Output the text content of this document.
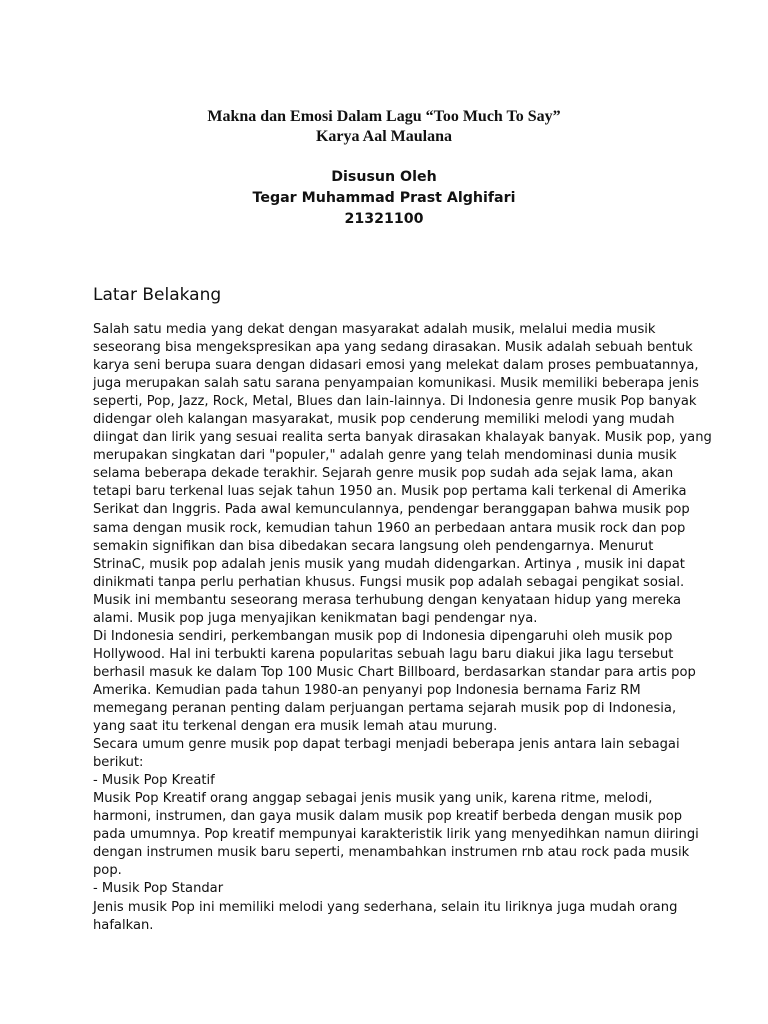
Makna dan Emosi Dalam Lagu “Too Much To Say”
Karya Aal Maulana
Disusun Oleh
Tegar Muhammad Prast Alghifari
21321100
Latar Belakang
Salah satu media yang dekat dengan masyarakat adalah musik, melalui media musik
seseorang bisa mengekspresikan apa yang sedang dirasakan. Musik adalah sebuah bentuk
karya seni berupa suara dengan didasari emosi yang melekat dalam proses pembuatannya,
juga merupakan salah satu sarana penyampaian komunikasi. Musik memiliki beberapa jenis
seperti, Pop, Jazz, Rock, Metal, Blues dan lain-lainnya. Di Indonesia genre musik Pop banyak
didengar oleh kalangan masyarakat, musik pop cenderung memiliki melodi yang mudah
diingat dan lirik yang sesuai realita serta banyak dirasakan khalayak banyak. Musik pop, yang
merupakan singkatan dari "populer," adalah genre yang telah mendominasi dunia musik
selama beberapa dekade terakhir. Sejarah genre musik pop sudah ada sejak lama, akan
tetapi baru terkenal luas sejak tahun 1950 an. Musik pop pertama kali terkenal di Amerika
Serikat dan Inggris. Pada awal kemunculannya, pendengar beranggapan bahwa musik pop
sama dengan musik rock, kemudian tahun 1960 an perbedaan antara musik rock dan pop
semakin signifikan dan bisa dibedakan secara langsung oleh pendengarnya. Menurut
StrinaC, musik pop adalah jenis musik yang mudah didengarkan. Artinya , musik ini dapat
dinikmati tanpa perlu perhatian khusus. Fungsi musik pop adalah sebagai pengikat sosial.
Musik ini membantu seseorang merasa terhubung dengan kenyataan hidup yang mereka
alami. Musik pop juga menyajikan kenikmatan bagi pendengar nya.
Di Indonesia sendiri, perkembangan musik pop di Indonesia dipengaruhi oleh musik pop
Hollywood. Hal ini terbukti karena popularitas sebuah lagu baru diakui jika lagu tersebut
berhasil masuk ke dalam Top 100 Music Chart Billboard, berdasarkan standar para artis pop
Amerika. Kemudian pada tahun 1980-an penyanyi pop Indonesia bernama Fariz RM
memegang peranan penting dalam perjuangan pertama sejarah musik pop di Indonesia,
yang saat itu terkenal dengan era musik lemah atau murung.
Secara umum genre musik pop dapat terbagi menjadi beberapa jenis antara lain sebagai
berikut:
- Musik Pop Kreatif
Musik Pop Kreatif orang anggap sebagai jenis musik yang unik, karena ritme, melodi,
harmoni, instrumen, dan gaya musik dalam musik pop kreatif berbeda dengan musik pop
pada umumnya. Pop kreatif mempunyai karakteristik lirik yang menyedihkan namun diiringi
dengan instrumen musik baru seperti, menambahkan instrumen rnb atau rock pada musik
pop.
- Musik Pop Standar
Jenis musik Pop ini memiliki melodi yang sederhana, selain itu liriknya juga mudah orang
hafalkan.
